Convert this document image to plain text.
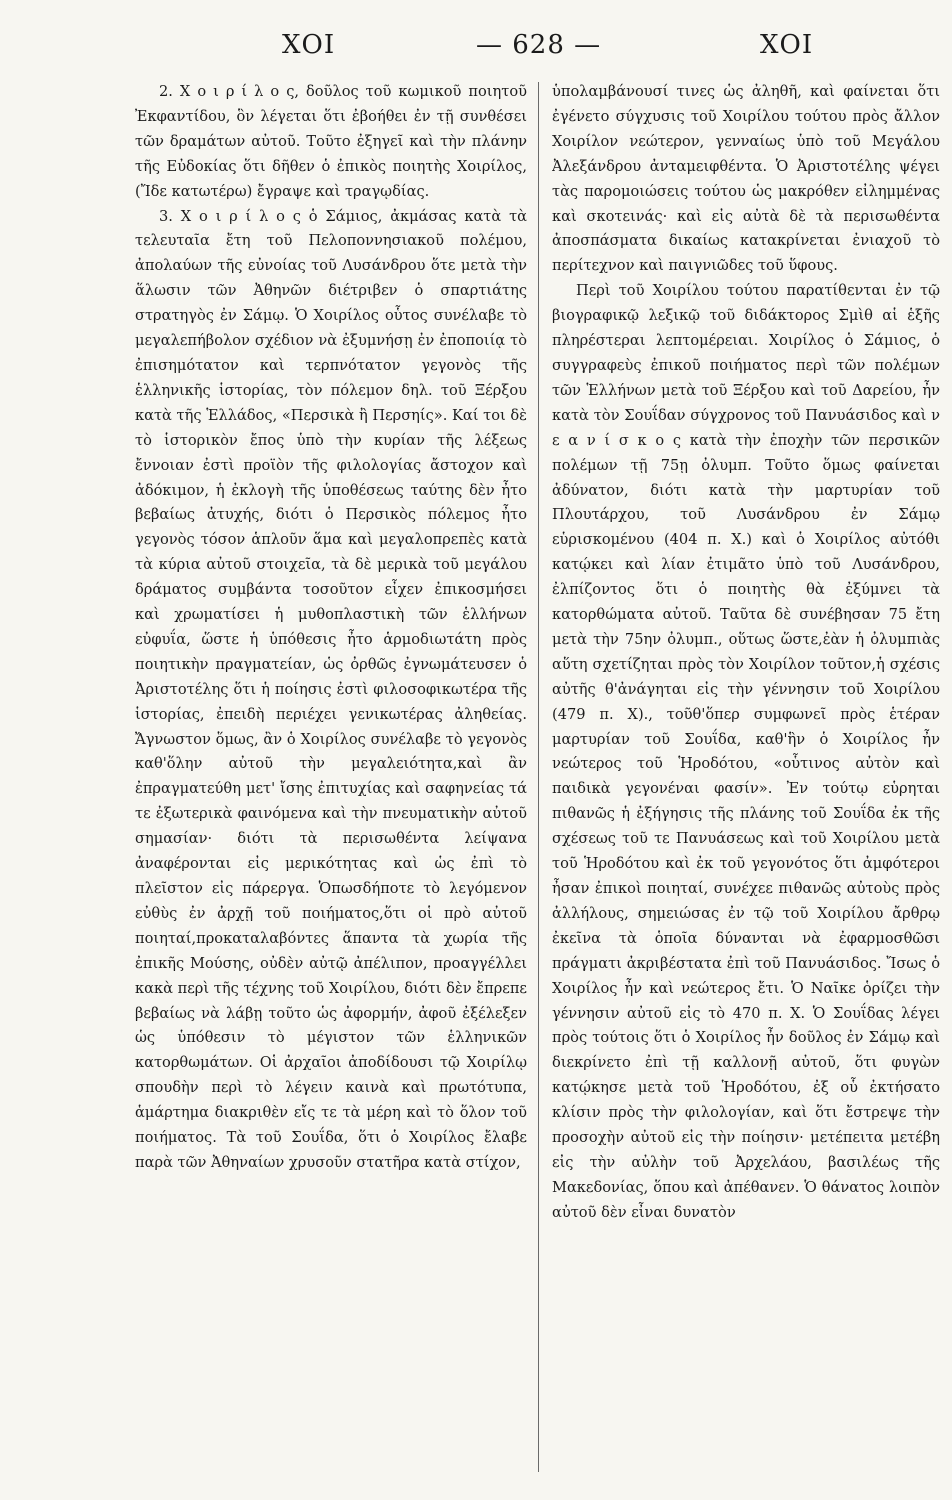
ΧΟΙ	— 628 —	ΧΟΙ

2. Χ ο ι ρ ί λ ο ς, δοῦλος τοῦ κωμικοῦ ποιητοῦ Ἐκφαντίδου, ὃν λέγεται ὅτι ἐβοήθει ἐν τῇ συνθέσει τῶν δραμάτων αὐτοῦ. Τοῦτο ἐξηγεῖ καὶ τὴν πλάνην τῆς Εὐδοκίας ὅτι δῆθεν ὁ ἐπικὸς ποιητὴς Χοιρίλος, (Ἴδε κατωτέρω) ἔγραψε καὶ τραγῳδίας.

3. Χ ο ι ρ ί λ ο ς ὁ Σάμιος, ἀκμάσας κατὰ τὰ τελευταῖα ἔτη τοῦ Πελοποννησιακοῦ πολέμου, ἀπολαύων τῆς εὐνοίας τοῦ Λυσάνδρου ὅτε μετὰ τὴν ἅλωσιν τῶν Ἀθηνῶν διέτριβεν ὁ σπαρτιάτης στρατηγὸς ἐν Σάμῳ. Ὁ Χοιρίλος οὗτος συνέλαβε τὸ μεγαλεπήβολον σχέδιον νὰ ἐξυμνήσῃ ἐν ἐποποιίᾳ τὸ ἐπισημότατον καὶ τερπνότατον γεγονὸς τῆς ἑλληνικῆς ἱστορίας, τὸν πόλεμον δηλ. τοῦ Ξέρξου κατὰ τῆς Ἑλλάδος, «Περσικὰ ἢ Περσηίς». Καί τοι δὲ τὸ ἱστορικὸν ἔπος ὑπὸ τὴν κυρίαν τῆς λέξεως ἔννοιαν ἐστὶ προϊὸν τῆς φιλολογίας ἄστοχον καὶ ἀδόκιμον, ἡ ἐκλογὴ τῆς ὑποθέσεως ταύτης δὲν ἦτο βεβαίως ἀτυχής, διότι ὁ Περσικὸς πόλεμος ἦτο γεγονὸς τόσον ἁπλοῦν ἅμα καὶ μεγαλοπρεπὲς κατὰ τὰ κύρια αὐτοῦ στοιχεῖα, τὰ δὲ μερικὰ τοῦ μεγάλου δράματος συμβάντα τοσοῦτον εἶχεν ἐπικοσμήσει καὶ χρωματίσει ἡ μυθοπλαστικὴ τῶν ἑλλήνων εὐφυΐα, ὥστε ἡ ὑπόθεσις ἦτο ἁρμοδιωτάτη πρὸς ποιητικὴν πραγματείαν, ὡς ὀρθῶς ἐγνωμάτευσεν ὁ Ἀριστοτέλης ὅτι ἡ ποίησις ἐστὶ φιλοσοφικωτέρα τῆς ἱστορίας, ἐπειδὴ περιέχει γενικωτέρας ἀληθείας. Ἄγνωστον ὅμως, ἂν ὁ Χοιρίλος συνέλαβε τὸ γεγονὸς καθ'ὅλην αὐτοῦ τὴν μεγαλειότητα,καὶ ἂν ἐπραγματεύθη μετ' ἴσης ἐπιτυχίας καὶ σαφηνείας τά τε ἐξωτερικὰ φαινόμενα καὶ τὴν πνευματικὴν αὐτοῦ σημασίαν· διότι τὰ περισωθέντα λείψανα ἀναφέρονται εἰς μερικότητας καὶ ὡς ἐπὶ τὸ πλεῖστον εἰς πάρεργα. Ὁπωσδήποτε τὸ λεγόμενον εὐθὺς ἐν ἀρχῇ τοῦ ποιήματος,ὅτι οἱ πρὸ αὐτοῦ ποιηταί,προκαταλαβόντες ἅπαντα τὰ χωρία τῆς ἐπικῆς Μούσης, οὐδὲν αὐτῷ ἀπέλιπον, προαγγέλλει κακὰ περὶ τῆς τέχνης τοῦ Χοιρίλου, διότι δὲν ἔπρεπε βεβαίως νὰ λάβῃ τοῦτο ὡς ἀφορμήν, ἀφοῦ ἐξέλεξεν ὡς ὑπόθεσιν τὸ μέγιστον τῶν ἑλληνικῶν κατορθωμάτων. Οἱ ἀρχαῖοι ἀποδίδουσι τῷ Χοιρίλῳ σπουδὴν περὶ τὸ λέγειν καινὰ καὶ πρωτότυπα, ἁμάρτημα διακριθὲν εἴς τε τὰ μέρη καὶ τὸ ὅλον τοῦ ποιήματος. Τὰ τοῦ Σουΐδα, ὅτι ὁ Χοιρίλος ἔλαβε παρὰ τῶν Ἀθηναίων χρυσοῦν στατῆρα κατὰ στίχον,

ὑπολαμβάνουσί τινες ὡς ἀληθῆ, καὶ φαίνεται ὅτι ἐγένετο σύγχυσις τοῦ Χοιρίλου τούτου πρὸς ἄλλον Χοιρίλον νεώτερον, γενναίως ὑπὸ τοῦ Μεγάλου Ἀλεξάνδρου ἀνταμειφθέντα. Ὁ Ἀριστοτέλης ψέγει τὰς παρομοιώσεις τούτου ὡς μακρόθεν εἰλημμένας καὶ σκοτεινάς· καὶ εἰς αὐτὰ δὲ τὰ περισωθέντα ἀποσπάσματα δικαίως κατακρίνεται ἐνιαχοῦ τὸ περίτεχνον καὶ παιγνιῶδες τοῦ ὕφους.

Περὶ τοῦ Χοιρίλου τούτου παρατίθενται ἐν τῷ βιογραφικῷ λεξικῷ τοῦ διδάκτορος Σμὶθ αἱ ἑξῆς πληρέστεραι λεπτομέρειαι. Χοιρίλος ὁ Σάμιος, ὁ συγγραφεὺς ἐπικοῦ ποιήματος περὶ τῶν πολέμων τῶν Ἑλλήνων μετὰ τοῦ Ξέρξου καὶ τοῦ Δαρείου, ἦν κατὰ τὸν Σουΐδαν σύγχρονος τοῦ Πανυάσιδος καὶ ν ε α ν ί σ κ ο ς κατὰ τὴν ἐποχὴν τῶν περσικῶν πολέμων τῇ 75ῃ ὀλυμπ. Τοῦτο ὅμως φαίνεται ἀδύνατον, διότι κατὰ τὴν μαρτυρίαν τοῦ Πλουτάρχου, τοῦ Λυσάνδρου ἐν Σάμῳ εὑρισκομένου (404 π. Χ.) καὶ ὁ Χοιρίλος αὐτόθι κατῴκει καὶ λίαν ἐτιμᾶτο ὑπὸ τοῦ Λυσάνδρου, ἐλπίζοντος ὅτι ὁ ποιητὴς θὰ ἐξύμνει τὰ κατορθώματα αὐτοῦ. Ταῦτα δὲ συνέβησαν 75 ἔτη μετὰ τὴν 75ην ὀλυμπ., οὕτως ὥστε,ἐὰν ἡ ὀλυμπιὰς αὕτη σχετίζηται πρὸς τὸν Χοιρίλον τοῦτον,ἡ σχέσις αὐτῆς θ'ἀνάγηται εἰς τὴν γέννησιν τοῦ Χοιρίλου (479 π. Χ)., τοῦθ'ὅπερ συμφωνεῖ πρὸς ἑτέραν μαρτυρίαν τοῦ Σουΐδα, καθ'ἣν ὁ Χοιρίλος ἦν νεώτερος τοῦ Ἡροδότου, «οὗτινος αὐτὸν καὶ παιδικὰ γεγονέναι φασίν». Ἐν τούτῳ εὑρηται πιθανῶς ἡ ἐξήγησις τῆς πλάνης τοῦ Σουΐδα ἐκ τῆς σχέσεως τοῦ τε Πανυάσεως καὶ τοῦ Χοιρίλου μετὰ τοῦ Ἡροδότου καὶ ἐκ τοῦ γεγονότος ὅτι ἀμφότεροι ἦσαν ἐπικοὶ ποιηταί, συνέχεε πιθανῶς αὐτοὺς πρὸς ἀλλήλους, σημειώσας ἐν τῷ τοῦ Χοιρίλου ἄρθρῳ ἐκεῖνα τὰ ὁποῖα δύνανται νὰ ἐφαρμοσθῶσι πράγματι ἀκριβέστατα ἐπὶ τοῦ Πανυάσιδος. Ἴσως ὁ Χοιρίλος ἦν καὶ νεώτερος ἔτι. Ὁ Ναῖκε ὁρίζει τὴν γέννησιν αὐτοῦ εἰς τὸ 470 π. Χ. Ὁ Σουΐδας λέγει πρὸς τούτοις ὅτι ὁ Χοιρίλος ἦν δοῦλος ἐν Σάμῳ καὶ διεκρίνετο ἐπὶ τῇ καλλονῇ αὐτοῦ, ὅτι φυγὼν κατῴκησε μετὰ τοῦ Ἡροδότου, ἐξ οὗ ἐκτήσατο κλίσιν πρὸς τὴν φιλολογίαν, καὶ ὅτι ἔστρεψε τὴν προσοχὴν αὐτοῦ εἰς τὴν ποίησιν· μετέπειτα μετέβη εἰς τὴν αὐλὴν τοῦ Ἀρχελάου, βασιλέως τῆς Μακεδονίας, ὅπου καὶ ἀπέθανεν. Ὁ θάνατος λοιπὸν αὐτοῦ δὲν εἶναι δυνατὸν
